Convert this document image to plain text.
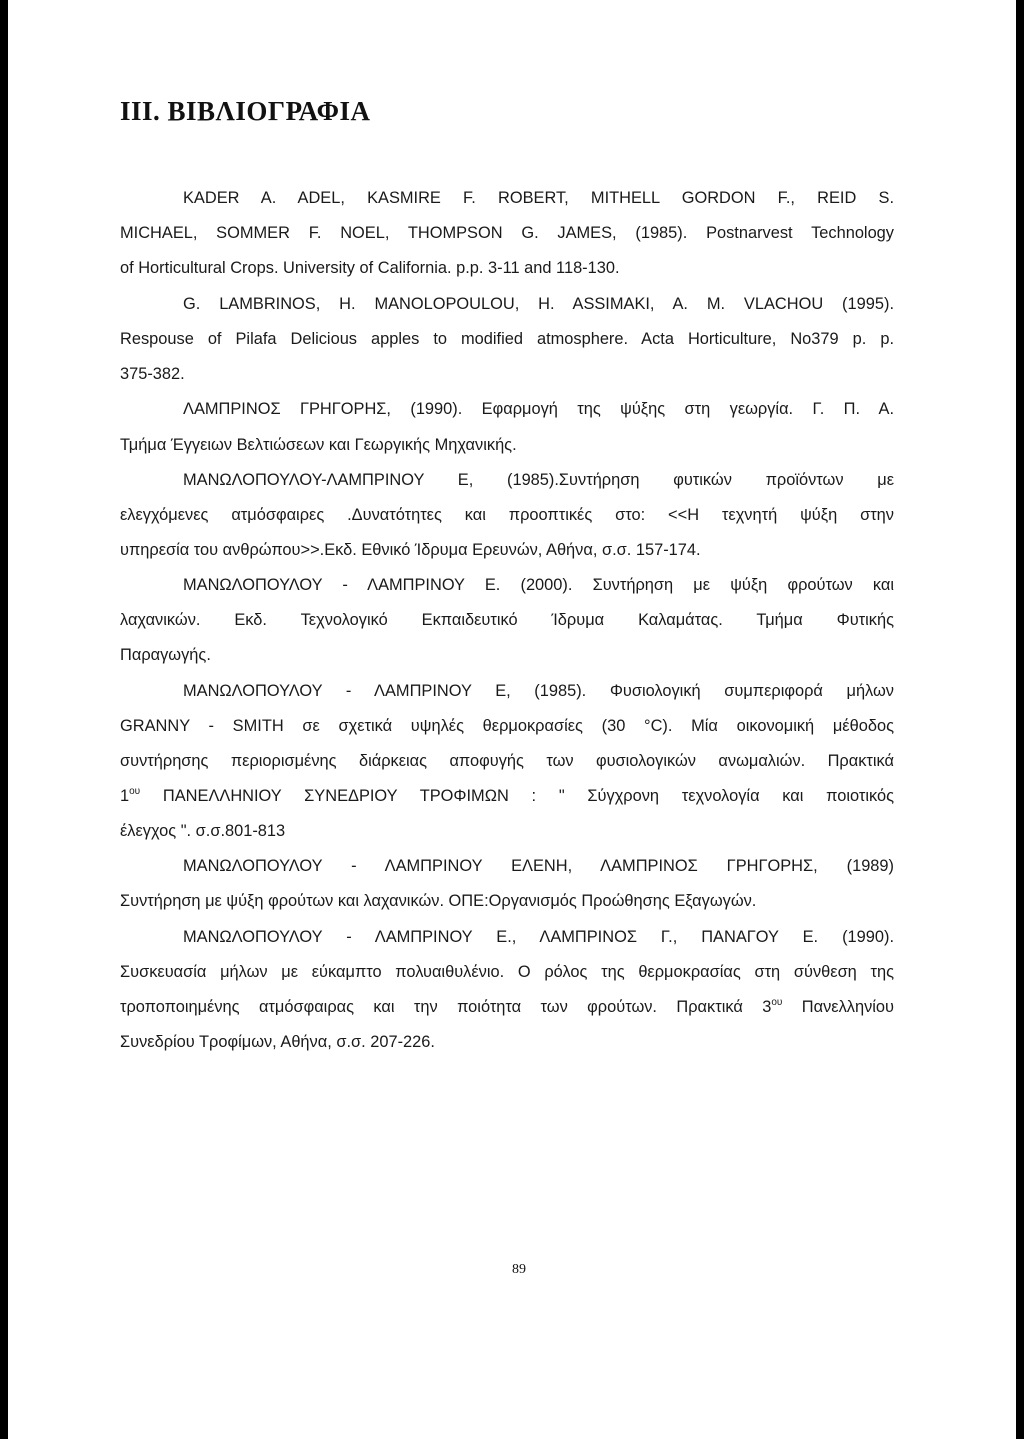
III. ΒΙΒΛΙΟΓΡΑΦΙΑ

KADER A. ADEL, KASMIRE F. ROBERT, MITHELL GORDON F., REID S.

MICHAEL, SOMMER F. NOEL, THOMPSON G. JAMES, (1985). Postnarvest Technology

of Horticultural Crops. University of California. p.p. 3-11 and 118-130.

G. LAMBRINOS, H. MANOLOPOULOU, H. ASSIMAKI, A. M. VLACHOU (1995).

Respouse of Pilafa Delicious apples to modified atmosphere. Acta Horticulture, No379 p. p.

375-382.

ΛΑΜΠΡΙΝΟΣ ΓΡΗΓΟΡΗΣ, (1990). Εφαρμογή της ψύξης στη γεωργία. Γ. Π. Α.

Τμήμα Έγγειων Βελτιώσεων και Γεωργικής Μηχανικής.

ΜΑΝΩΛΟΠΟΥΛΟΥ-ΛΑΜΠΡΙΝΟΥ Ε, (1985).Συντήρηση φυτικών προϊόντων με

ελεγχόμενες ατμόσφαιρες .Δυνατότητες και προοπτικές στο: <<Η τεχνητή ψύξη στην

υπηρεσία του ανθρώπου>>.Εκδ. Εθνικό Ίδρυμα Ερευνών, Αθήνα, σ.σ. 157-174.

ΜΑΝΩΛΟΠΟΥΛΟΥ - ΛΑΜΠΡΙΝΟΥ Ε. (2000). Συντήρηση με ψύξη φρούτων και

λαχανικών. Εκδ. Τεχνολογικό Εκπαιδευτικό Ίδρυμα Καλαμάτας. Τμήμα Φυτικής

Παραγωγής.

ΜΑΝΩΛΟΠΟΥΛΟΥ - ΛΑΜΠΡΙΝΟΥ Ε, (1985). Φυσιολογική συμπεριφορά μήλων

GRANNY - SMITH σε σχετικά υψηλές θερμοκρασίες (30 °C). Μία οικονομική μέθοδος

συντήρησης περιορισμένης διάρκειας αποφυγής των φυσιολογικών ανωμαλιών. Πρακτικά

$1^{o\upsilon}$ ΠΑΝΕΛΛΗΝΙΟΥ ΣΥΝΕΔΡΙΟΥ ΤΡΟΦΙΜΩΝ : " Σύγχρονη τεχνολογία και ποιοτικός

έλεγχος ". σ.σ.801-813

ΜΑΝΩΛΟΠΟΥΛΟΥ - ΛΑΜΠΡΙΝΟΥ ΕΛΕΝΗ, ΛΑΜΠΡΙΝΟΣ ΓΡΗΓΟΡΗΣ, (1989)

Συντήρηση με ψύξη φρούτων και λαχανικών. ΟΠΕ:Οργανισμός Προώθησης Εξαγωγών.

ΜΑΝΩΛΟΠΟΥΛΟΥ - ΛΑΜΠΡΙΝΟΥ Ε., ΛΑΜΠΡΙΝΟΣ Γ., ΠΑΝΑΓΟΥ Ε. (1990).

Συσκευασία μήλων με εύκαμπτο πολυαιθυλένιο. Ο ρόλος της θερμοκρασίας στη σύνθεση της

τροποποιημένης ατμόσφαιρας και την ποιότητα των φρούτων. Πρακτικά $3^{o\upsilon}$ Πανελληνίου

Συνεδρίου Τροφίμων, Αθήνα, σ.σ. 207-226.

89
